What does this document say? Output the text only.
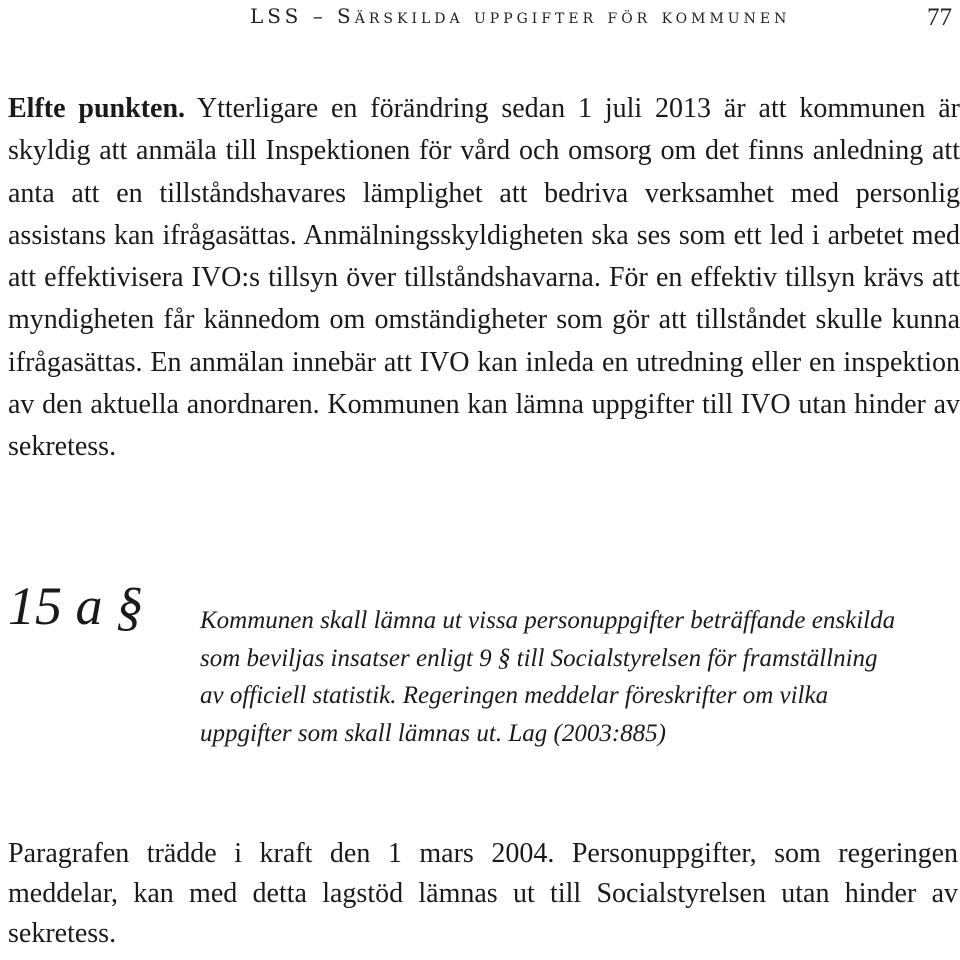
LSS – Särskilda uppgifter för kommunen	77

Elfte punkten. Ytterligare en förändring sedan 1 juli 2013 är att kommunen är skyldig att anmäla till Inspektionen för vård och omsorg om det finns anledning att anta att en tillståndshavares lämplighet att bedriva verksamhet med personlig assistans kan ifrågasättas. Anmälningsskyldigheten ska ses som ett led i arbetet med att effektivisera IVO:s tillsyn över tillståndshavarna. För en effektiv tillsyn krävs att myndigheten får kännedom om omständigheter som gör att tillståndet skulle kunna ifrågasättas. En anmälan innebär att IVO kan inleda en utredning eller en inspektion av den aktuella anordnaren. Kommunen kan lämna uppgifter till IVO utan hinder av sekretess.

15 a § Kommunen skall lämna ut vissa personuppgifter beträffande enskilda som beviljas insatser enligt 9 § till Socialstyrelsen för framställning av officiell statistik. Regeringen meddelar föreskrifter om vilka uppgifter som skall lämnas ut. Lag (2003:885)

Paragrafen trädde i kraft den 1 mars 2004. Personuppgifter, som regeringen meddelar, kan med detta lagstöd lämnas ut till Socialstyrelsen utan hinder av sekretess.
